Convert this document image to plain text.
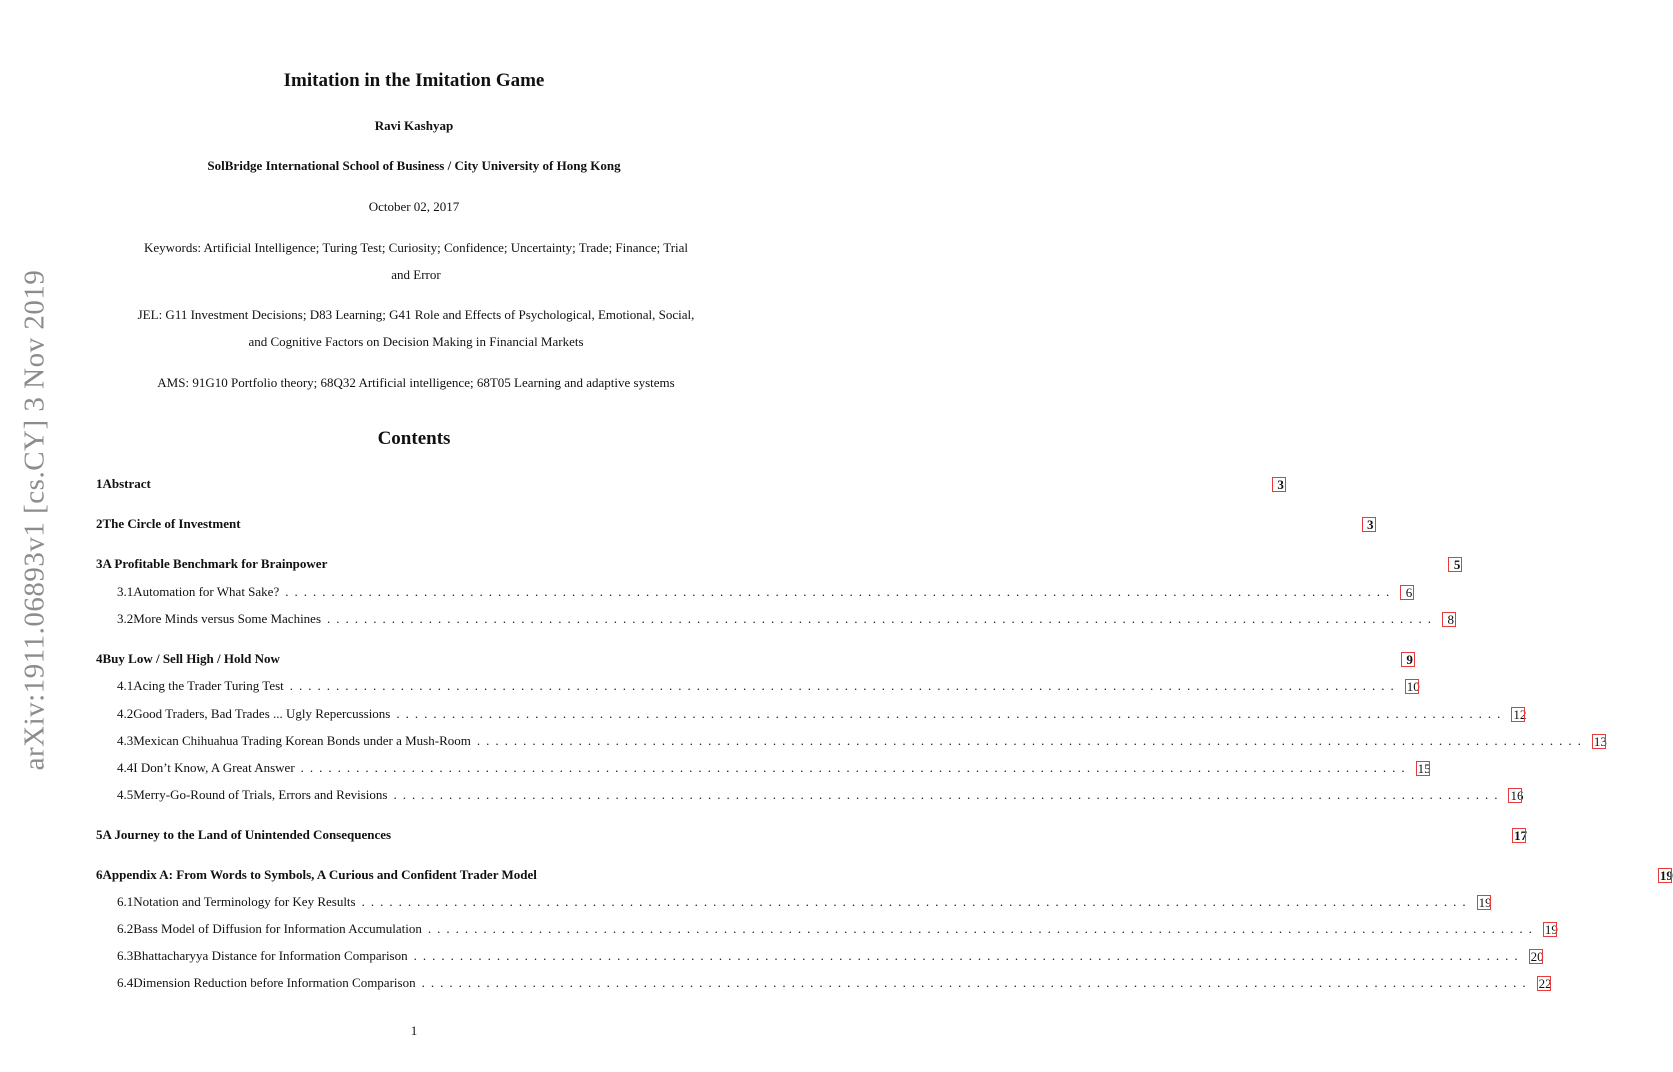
arXiv:1911.06893v1 [cs.CY] 3 Nov 2019
Imitation in the Imitation Game
Ravi Kashyap
SolBridge International School of Business / City University of Hong Kong
October 02, 2017
Keywords: Artificial Intelligence; Turing Test; Curiosity; Confidence; Uncertainty; Trade; Finance; Trial
and Error
JEL: G11 Investment Decisions; D83 Learning; G41 Role and Effects of Psychological, Emotional, Social,
and Cognitive Factors on Decision Making in Financial Markets
AMS: 91G10 Portfolio theory; 68Q32 Artificial intelligence; 68T05 Learning and adaptive systems
Contents
1 Abstract	3
2 The Circle of Investment	3
3 A Profitable Benchmark for Brainpower	5
3.1 Automation for What Sake? ........................................................................................................................ 6
3.2 More Minds versus Some Machines ........................................................................................................................ 8
4 Buy Low / Sell High / Hold Now	9
4.1 Acing the Trader Turing Test ........................................................................................................................ 10
4.2 Good Traders, Bad Trades ... Ugly Repercussions ........................................................................................................................ 12
4.3 Mexican Chihuahua Trading Korean Bonds under a Mush-Room ........................................................................................................................ 13
4.4 I Don’t Know, A Great Answer ........................................................................................................................ 15
4.5 Merry-Go-Round of Trials, Errors and Revisions ........................................................................................................................ 16
5 A Journey to the Land of Unintended Consequences	17
6 Appendix A: From Words to Symbols, A Curious and Confident Trader Model	19
6.1 Notation and Terminology for Key Results ........................................................................................................................ 19
6.2 Bass Model of Diffusion for Information Accumulation ........................................................................................................................ 19
6.3 Bhattacharyya Distance for Information Comparison ........................................................................................................................ 20
6.4 Dimension Reduction before Information Comparison ........................................................................................................................ 22
1
